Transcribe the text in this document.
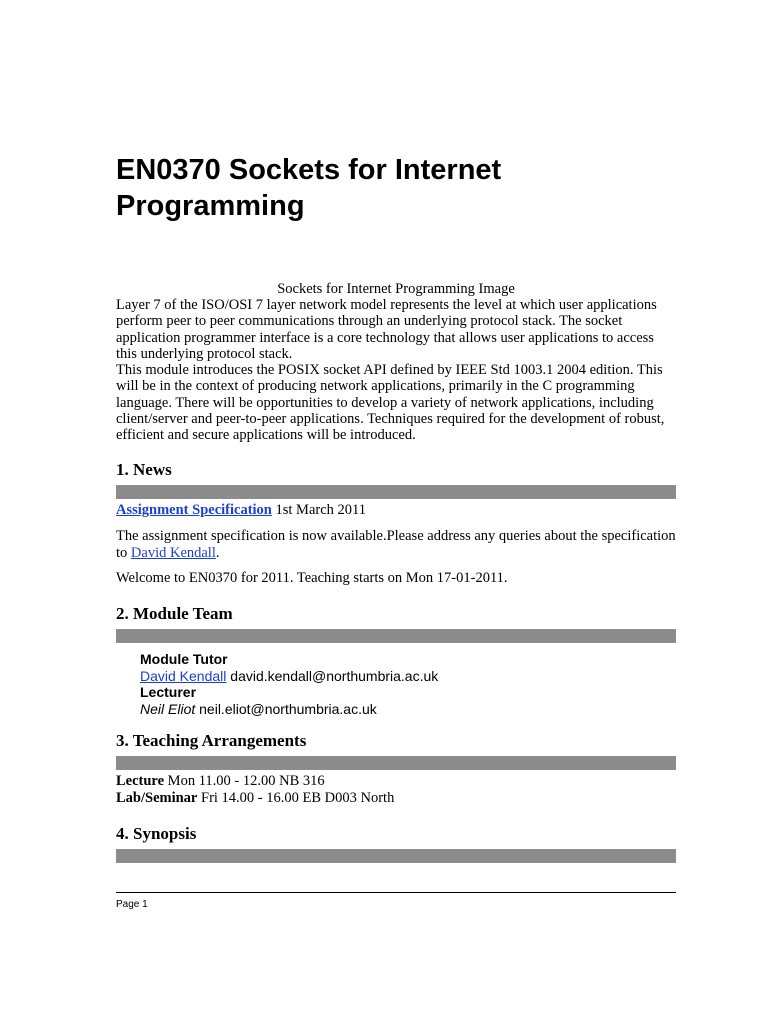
EN0370 Sockets for Internet Programming
Sockets for Internet Programming Image

Layer 7 of the ISO/OSI 7 layer network model represents the level at which user applications perform peer to peer communications through an underlying protocol stack. The socket application programmer interface is a core technology that allows user applications to access this underlying protocol stack.

This module introduces the POSIX socket API defined by IEEE Std 1003.1 2004 edition. This will be in the context of producing network applications, primarily in the C programming language. There will be opportunities to develop a variety of network applications, including client/server and peer-to-peer applications. Techniques required for the development of robust, efficient and secure applications will be introduced.

1. News
Assignment Specification 1st March 2011
The assignment specification is now available.Please address any queries about the specification to David Kendall.
Welcome to EN0370 for 2011. Teaching starts on Mon 17-01-2011.
2. Module Team
Module Tutor
David Kendall david.kendall@northumbria.ac.uk
Lecturer
Neil Eliot neil.eliot@northumbria.ac.uk
3. Teaching Arrangements
Lecture Mon 11.00 - 12.00 NB 316
Lab/Seminar Fri 14.00 - 16.00 EB D003 North
4. Synopsis
Page 1
